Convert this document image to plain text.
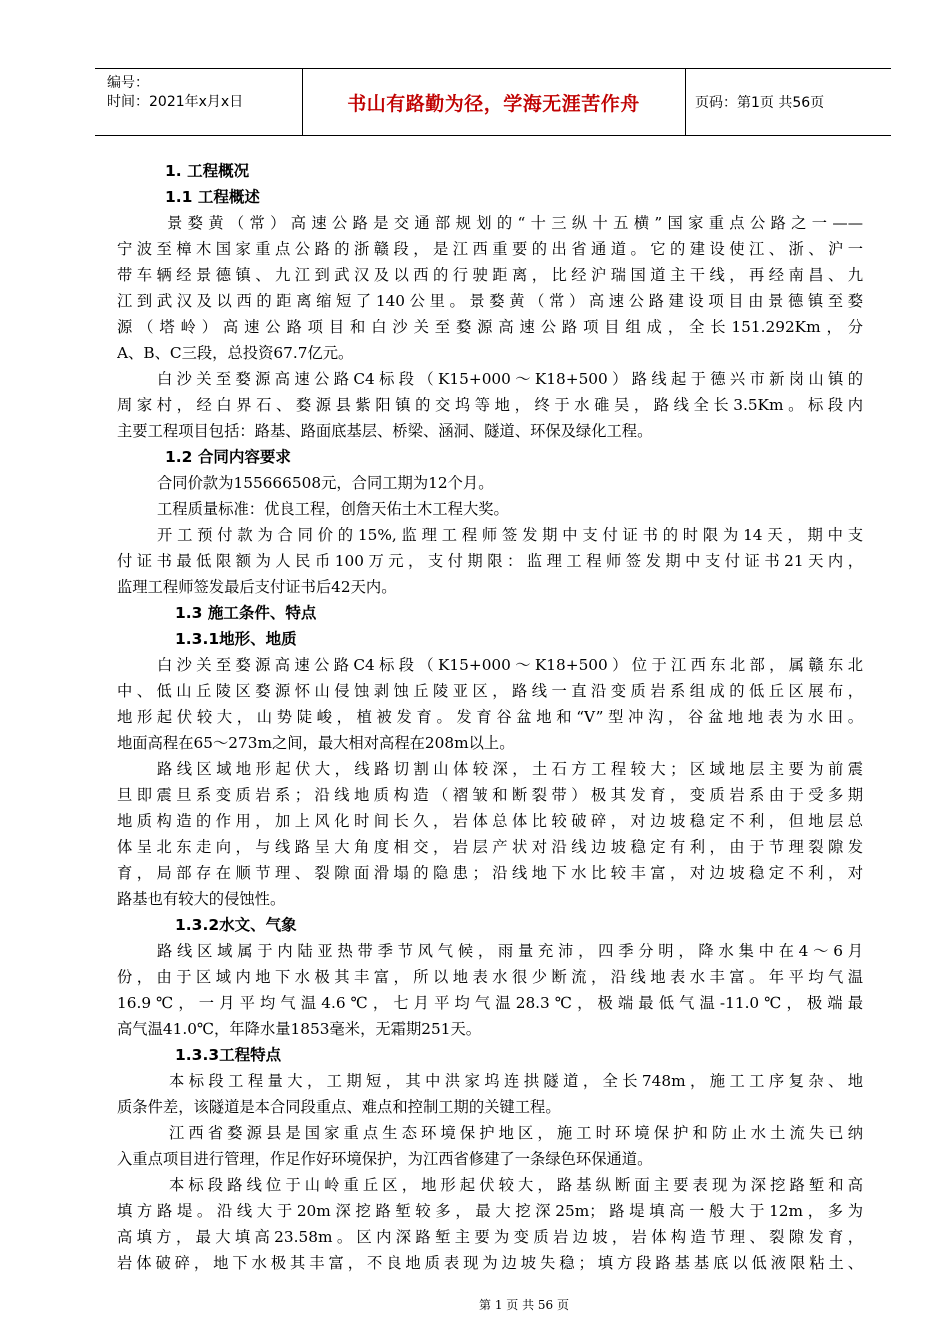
编号：
时间：2021年x月x日	书山有路勤为径，学海无涯苦作舟	页码：第1页 共56页
1. 工程概况
1.1 工程概述
景婺黄（常）高速公路是交通部规划的“十三纵十五横”国家重点公路之一——
宁波至樟木国家重点公路的浙赣段，是江西重要的出省通道。它的建设使江、浙、沪一
带车辆经景德镇、九江到武汉及以西的行驶距离，比经沪瑞国道主干线，再经南昌、九
江到武汉及以西的距离缩短了140公里。景婺黄（常）高速公路建设项目由景德镇至婺
源（塔岭）高速公路项目和白沙关至婺源高速公路项目组成，全长151.292Km，分
A、B、C三段，总投资67.7亿元。
白沙关至婺源高速公路C4标段（K15+000～K18+500）路线起于德兴市新岗山镇的
周家村，经白界石、婺源县紫阳镇的交坞等地，终于水碓吴，路线全长3.5Km。标段内
主要工程项目包括：路基、路面底基层、桥梁、涵洞、隧道、环保及绿化工程。
1.2 合同内容要求
合同价款为155666508元，合同工期为12个月。
工程质量标准：优良工程，创詹天佑土木工程大奖。
开工预付款为合同价的15%,监理工程师签发期中支付证书的时限为14天，期中支
付证书最低限额为人民币100万元，支付期限：监理工程师签发期中支付证书21天内，
监理工程师签发最后支付证书后42天内。
1.3 施工条件、特点
1.3.1地形、地质
白沙关至婺源高速公路C4标段（K15+000～K18+500）位于江西东北部，属赣东北
中、低山丘陵区婺源怀山侵蚀剥蚀丘陵亚区，路线一直沿变质岩系组成的低丘区展布，
地形起伏较大，山势陡峻，植被发育。发育谷盆地和“V”型冲沟，谷盆地地表为水田。
地面高程在65～273m之间，最大相对高程在208m以上。
路线区域地形起伏大，线路切割山体较深，土石方工程较大；区域地层主要为前震
旦即震旦系变质岩系；沿线地质构造（褶皱和断裂带）极其发育，变质岩系由于受多期
地质构造的作用，加上风化时间长久，岩体总体比较破碎，对边坡稳定不利，但地层总
体呈北东走向，与线路呈大角度相交，岩层产状对沿线边坡稳定有利，由于节理裂隙发
育，局部存在顺节理、裂隙面滑塌的隐患；沿线地下水比较丰富，对边坡稳定不利，对
路基也有较大的侵蚀性。
1.3.2水文、气象
路线区域属于内陆亚热带季节风气候，雨量充沛，四季分明，降水集中在4～6月
份，由于区域内地下水极其丰富，所以地表水很少断流，沿线地表水丰富。年平均气温
16.9℃，一月平均气温4.6℃，七月平均气温28.3℃，极端最低气温-11.0℃，极端最
高气温41.0℃，年降水量1853毫米，无霜期251天。
1.3.3工程特点
本标段工程量大，工期短，其中洪家坞连拱隧道，全长748m，施工工序复杂、地
质条件差，该隧道是本合同段重点、难点和控制工期的关键工程。
江西省婺源县是国家重点生态环境保护地区，施工时环境保护和防止水土流失已纳
入重点项目进行管理，作足作好环境保护，为江西省修建了一条绿色环保通道。
本标段路线位于山岭重丘区，地形起伏较大，路基纵断面主要表现为深挖路堑和高
填方路堤。沿线大于20m深挖路堑较多，最大挖深25m；路堤填高一般大于12m，多为
高填方，最大填高23.58m。区内深路堑主要为变质岩边坡，岩体构造节理、裂隙发育，
岩体破碎，地下水极其丰富，不良地质表现为边坡失稳；填方段路基基底以低液限粘土、
第 1 页 共 56 页
